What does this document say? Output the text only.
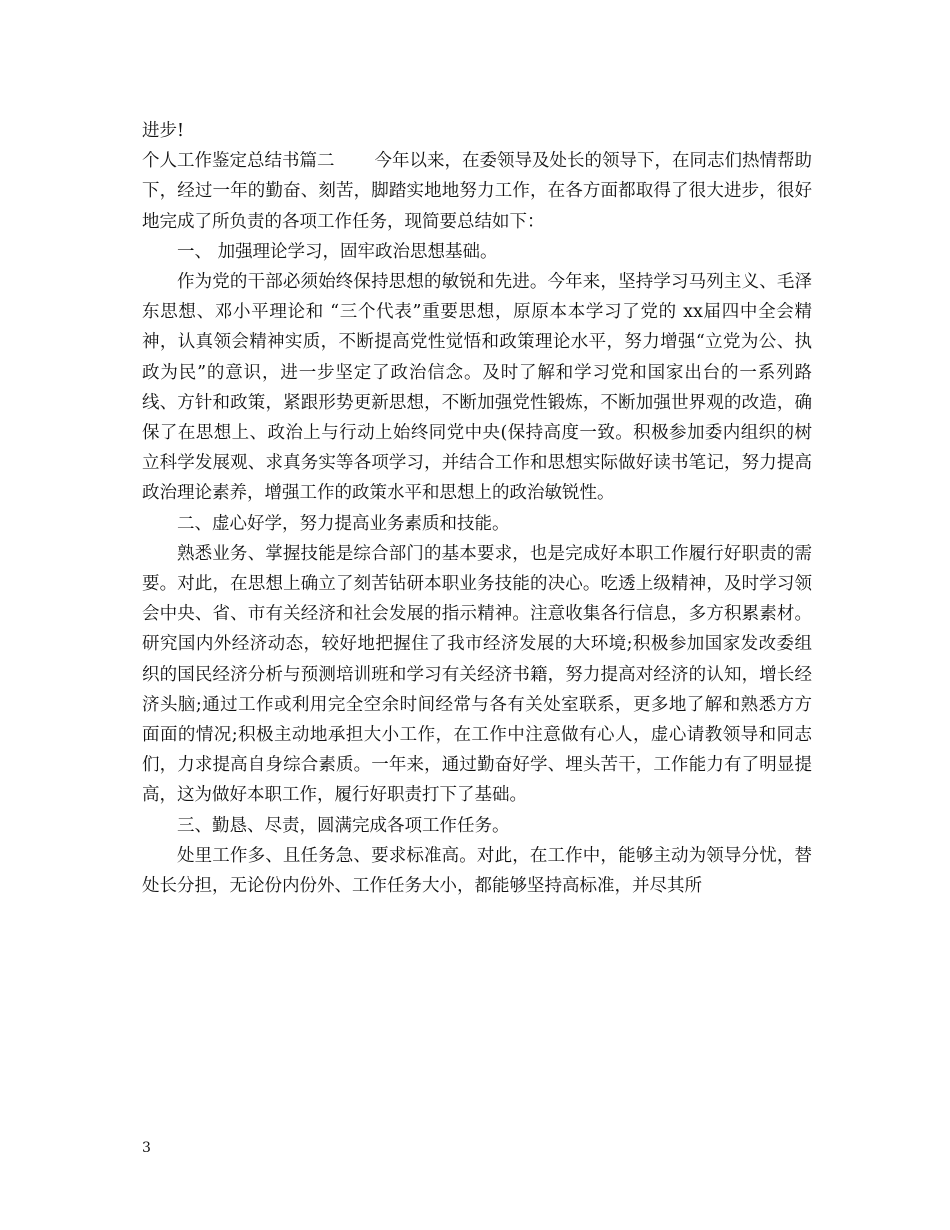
进步!

个人工作鉴定总结书篇二 今年以来，在委领导及处长的领导下，在同志们热情帮助下，经过一年的勤奋、刻苦，脚踏实地地努力工作，在各方面都取得了很大进步，很好地完成了所负责的各项工作任务，现简要总结如下：

一、 加强理论学习，固牢政治思想基础。

作为党的干部必须始终保持思想的敏锐和先进。今年来，坚持学习马列主义、毛泽东思想、邓小平理论和 “三个代表”重要思想，原原本本学习了党的 xx届四中全会精神，认真领会精神实质，不断提高党性觉悟和政策理论水平，努力增强“立党为公、执政为民”的意识，进一步坚定了政治信念。及时了解和学习党和国家出台的一系列路线、方针和政策，紧跟形势更新思想，不断加强党性锻炼，不断加强世界观的改造，确保了在思想上、政治上与行动上始终同党中央(保持高度一致。积极参加委内组织的树立科学发展观、求真务实等各项学习，并结合工作和思想实际做好读书笔记，努力提高政治理论素养，增强工作的政策水平和思想上的政治敏锐性。

二、虚心好学，努力提高业务素质和技能。

熟悉业务、掌握技能是综合部门的基本要求，也是完成好本职工作履行好职责的需要。对此，在思想上确立了刻苦钻研本职业务技能的决心。吃透上级精神，及时学习领会中央、省、市有关经济和社会发展的指示精神。注意收集各行信息，多方积累素材。研究国内外经济动态，较好地把握住了我市经济发展的大环境;积极参加国家发改委组织的国民经济分析与预测培训班和学习有关经济书籍，努力提高对经济的认知，增长经济头脑;通过工作或利用完全空余时间经常与各有关处室联系，更多地了解和熟悉方方面面的情况;积极主动地承担大小工作，在工作中注意做有心人，虚心请教领导和同志们，力求提高自身综合素质。一年来，通过勤奋好学、埋头苦干，工作能力有了明显提高，这为做好本职工作，履行好职责打下了基础。

三、勤恳、尽责，圆满完成各项工作任务。

处里工作多、且任务急、要求标准高。对此，在工作中，能够主动为领导分忧，替处长分担，无论份内份外、工作任务大小，都能够坚持高标准，并尽其所

3
